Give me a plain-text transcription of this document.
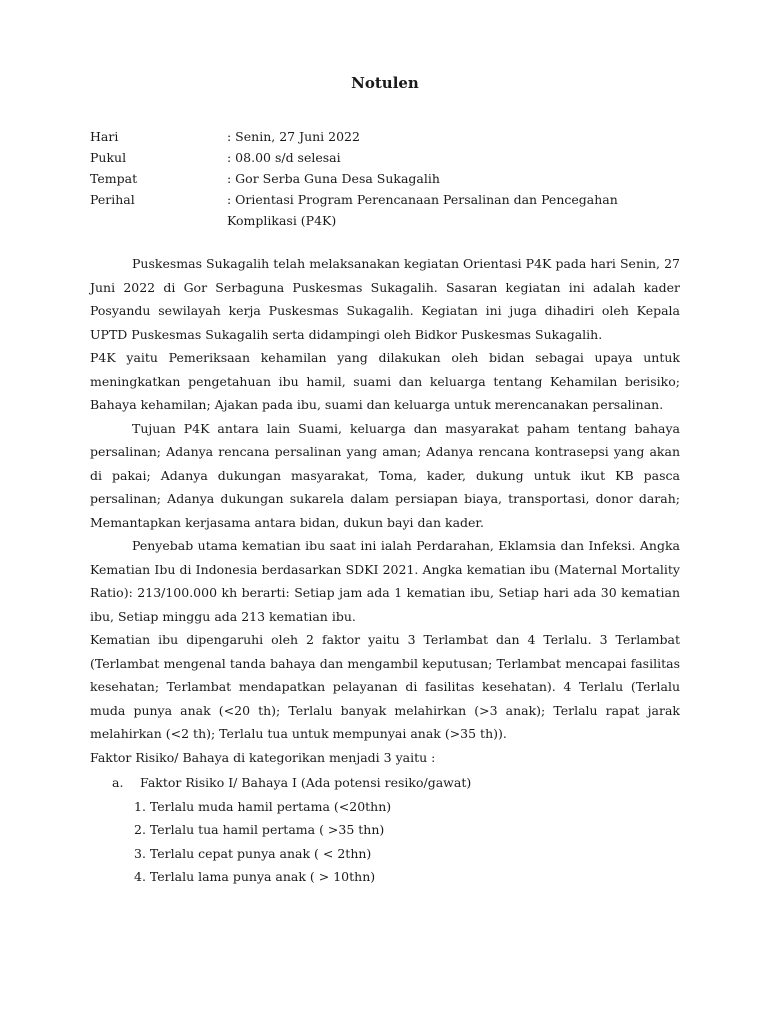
Notulen
Hari	: Senin, 27 Juni 2022
Pukul	: 08.00 s/d selesai
Tempat	: Gor Serba Guna Desa Sukagalih
Perihal	: Orientasi Program Perencanaan Persalinan dan Pencegahan Komplikasi (P4K)

Puskesmas Sukagalih telah melaksanakan kegiatan Orientasi P4K pada hari Senin, 27 Juni 2022 di Gor Serbaguna Puskesmas Sukagalih. Sasaran kegiatan ini adalah kader Posyandu sewilayah kerja Puskesmas Sukagalih. Kegiatan ini juga dihadiri oleh Kepala UPTD Puskesmas Sukagalih serta didampingi oleh Bidkor Puskesmas Sukagalih.

P4K yaitu Pemeriksaan kehamilan yang dilakukan oleh bidan sebagai upaya untuk meningkatkan pengetahuan ibu hamil, suami dan keluarga tentang Kehamilan berisiko; Bahaya kehamilan; Ajakan pada ibu, suami dan keluarga untuk merencanakan persalinan.

Tujuan P4K antara lain Suami, keluarga dan masyarakat paham tentang bahaya persalinan; Adanya rencana persalinan yang aman; Adanya rencana kontrasepsi yang akan di pakai; Adanya dukungan masyarakat, Toma, kader, dukung untuk ikut KB pasca persalinan; Adanya dukungan sukarela dalam persiapan biaya, transportasi, donor darah; Memantapkan kerjasama antara bidan, dukun bayi dan kader.

Penyebab utama kematian ibu saat ini ialah Perdarahan, Eklamsia dan Infeksi. Angka Kematian Ibu di Indonesia berdasarkan SDKI 2021. Angka kematian ibu (Maternal Mortality Ratio): 213/100.000 kh berarti: Setiap jam ada 1 kematian ibu, Setiap hari ada 30 kematian ibu, Setiap minggu ada 213 kematian ibu.

Kematian ibu dipengaruhi oleh 2 faktor yaitu 3 Terlambat dan 4 Terlalu. 3 Terlambat (Terlambat mengenal tanda bahaya dan mengambil keputusan; Terlambat mencapai fasilitas kesehatan; Terlambat mendapatkan pelayanan di fasilitas kesehatan). 4 Terlalu (Terlalu muda punya anak (<20 th); Terlalu banyak melahirkan (>3 anak); Terlalu rapat jarak melahirkan (<2 th); Terlalu tua untuk mempunyai anak (>35 th)).

Faktor Risiko/ Bahaya di kategorikan menjadi 3 yaitu :

a.	Faktor Risiko I/ Bahaya I (Ada potensi resiko/gawat)
1. Terlalu muda hamil pertama (<20thn)
2. Terlalu tua hamil pertama ( >35 thn)
3. Terlalu cepat punya anak ( < 2thn)
4. Terlalu lama punya anak ( > 10thn)
